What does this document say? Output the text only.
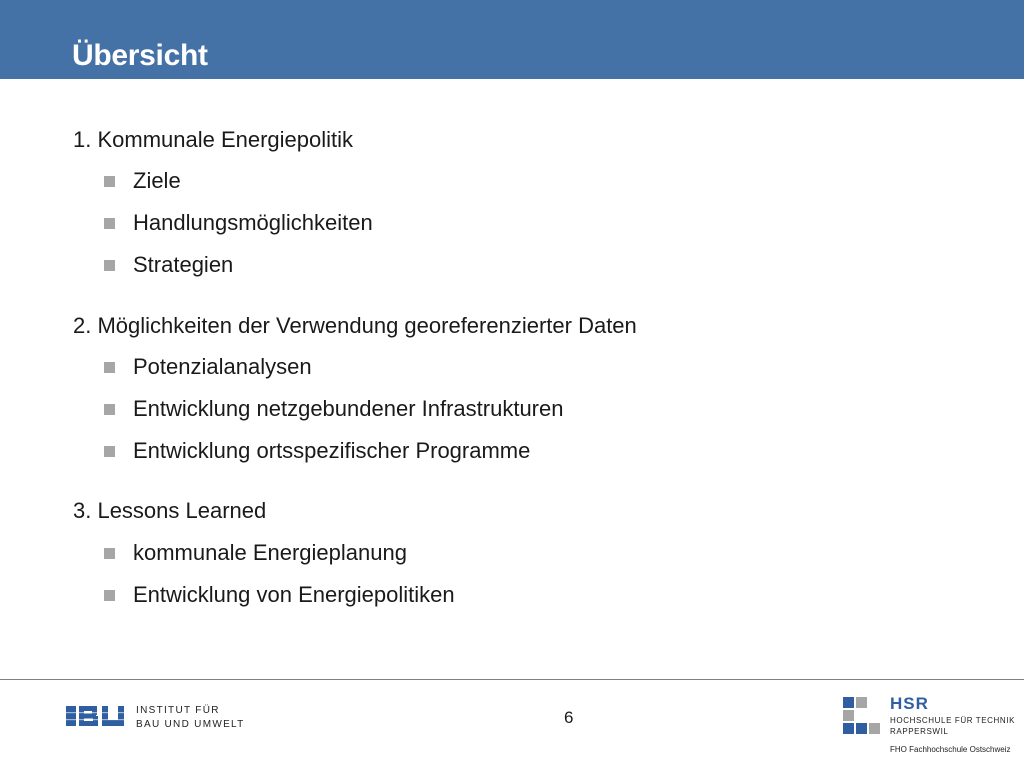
Übersicht
1. Kommunale Energiepolitik
Ziele
Handlungsmöglichkeiten
Strategien
2. Möglichkeiten der Verwendung georeferenzierter Daten
Potenzialanalysen
Entwicklung netzgebundener Infrastrukturen
Entwicklung ortsspezifischer Programme
3. Lessons Learned
kommunale Energieplanung
Entwicklung von Energiepolitiken
INSTITUT FÜR
BAU UND UMWELT	6
HSR
HOCHSCHULE FÜR TECHNIK
RAPPERSWIL
FHO Fachhochschule Ostschweiz
